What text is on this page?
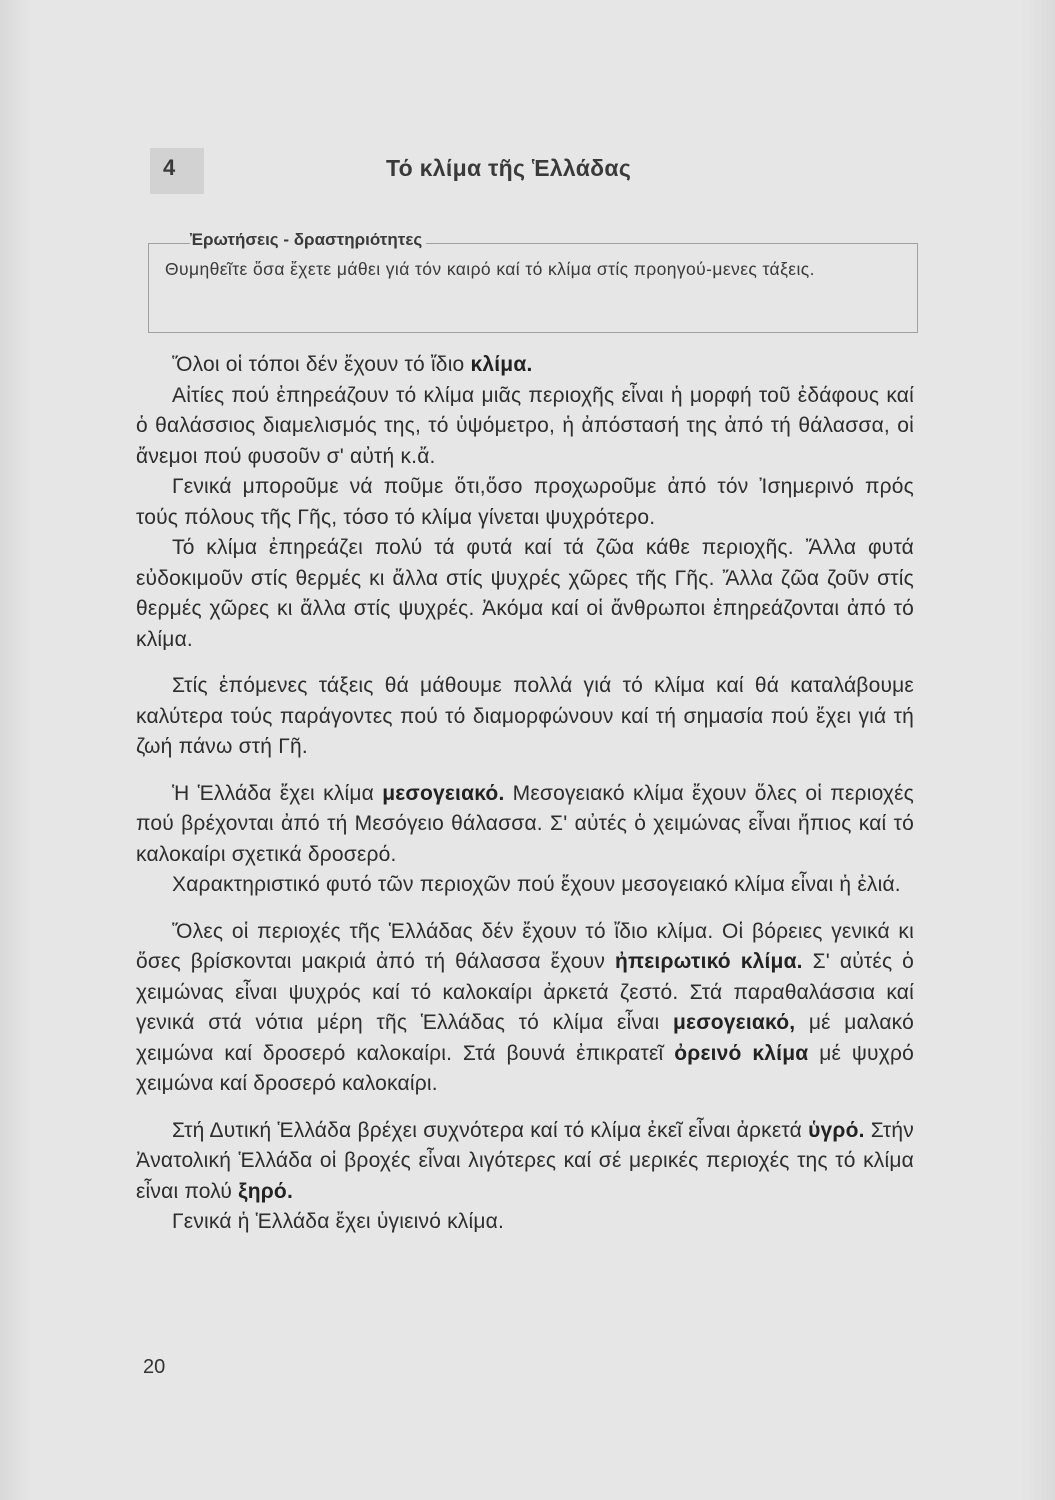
4	Τό κλίμα τῆς Ἑλλάδας
Ἐρωτήσεις - δραστηριότητες
Θυμηθεῖτε ὅσα ἔχετε μάθει γιά τόν καιρό καί τό κλίμα στίς προηγού-μενες τάξεις.

Ὅλοι οἱ τόποι δέν ἔχουν τό ἴδιο κλίμα.

Αἰτίες πού ἐπηρεάζουν τό κλίμα μιᾶς περιοχῆς εἶναι ἡ μορφή τοῦ ἐδάφους καί ὁ θαλάσσιος διαμελισμός της, τό ὑψόμετρο, ἡ ἀπόστασή της ἀπό τή θάλασσα, οἱ ἄνεμοι πού φυσοῦν σ' αὐτή κ.ἄ.

Γενικά μποροῦμε νά ποῦμε ὅτι,ὅσο προχωροῦμε ἀπό τόν Ἰσημερινό πρός τούς πόλους τῆς Γῆς, τόσο τό κλίμα γίνεται ψυχρότερο.

Τό κλίμα ἐπηρεάζει πολύ τά φυτά καί τά ζῶα κάθε περιοχῆς. Ἄλλα φυτά εὐδοκιμοῦν στίς θερμές κι ἄλλα στίς ψυχρές χῶρες τῆς Γῆς. Ἄλλα ζῶα ζοῦν στίς θερμές χῶρες κι ἄλλα στίς ψυχρές. Ἀκόμα καί οἱ ἄνθρωποι ἐπηρεάζονται ἀπό τό κλίμα.

Στίς ἑπόμενες τάξεις θά μάθουμε πολλά γιά τό κλίμα καί θά καταλάβουμε καλύτερα τούς παράγοντες πού τό διαμορφώνουν καί τή σημασία πού ἔχει γιά τή ζωή πάνω στή Γῆ.

Ἡ Ἑλλάδα ἔχει κλίμα μεσογειακό. Μεσογειακό κλίμα ἔχουν ὅλες οἱ περιοχές πού βρέχονται ἀπό τή Μεσόγειο θάλασσα. Σ' αὐτές ὁ χειμώνας εἶναι ἤπιος καί τό καλοκαίρι σχετικά δροσερό.

Χαρακτηριστικό φυτό τῶν περιοχῶν πού ἔχουν μεσογειακό κλίμα εἶναι ἡ ἐλιά.

Ὅλες οἱ περιοχές τῆς Ἑλλάδας δέν ἔχουν τό ἴδιο κλίμα. Οἱ βόρειες γενικά κι ὅσες βρίσκονται μακριά ἀπό τή θάλασσα ἔχουν ἠπειρωτικό κλίμα. Σ' αὐτές ὁ χειμώνας εἶναι ψυχρός καί τό καλοκαίρι ἀρκετά ζεστό. Στά παραθαλάσσια καί γενικά στά νότια μέρη τῆς Ἑλλάδας τό κλίμα εἶναι μεσογειακό, μέ μαλακό χειμώνα καί δροσερό καλοκαίρι. Στά βουνά ἐπικρατεῖ ὀρεινό κλίμα μέ ψυχρό χειμώνα καί δροσερό καλοκαίρι.

Στή Δυτική Ἑλλάδα βρέχει συχνότερα καί τό κλίμα ἐκεῖ εἶναι ἀρκετά ὑγρό. Στήν Ἀνατολική Ἑλλάδα οἱ βροχές εἶναι λιγότερες καί σέ μερικές περιοχές της τό κλίμα εἶναι πολύ ξηρό.

Γενικά ἡ Ἑλλάδα ἔχει ὑγιεινό κλίμα.

20
